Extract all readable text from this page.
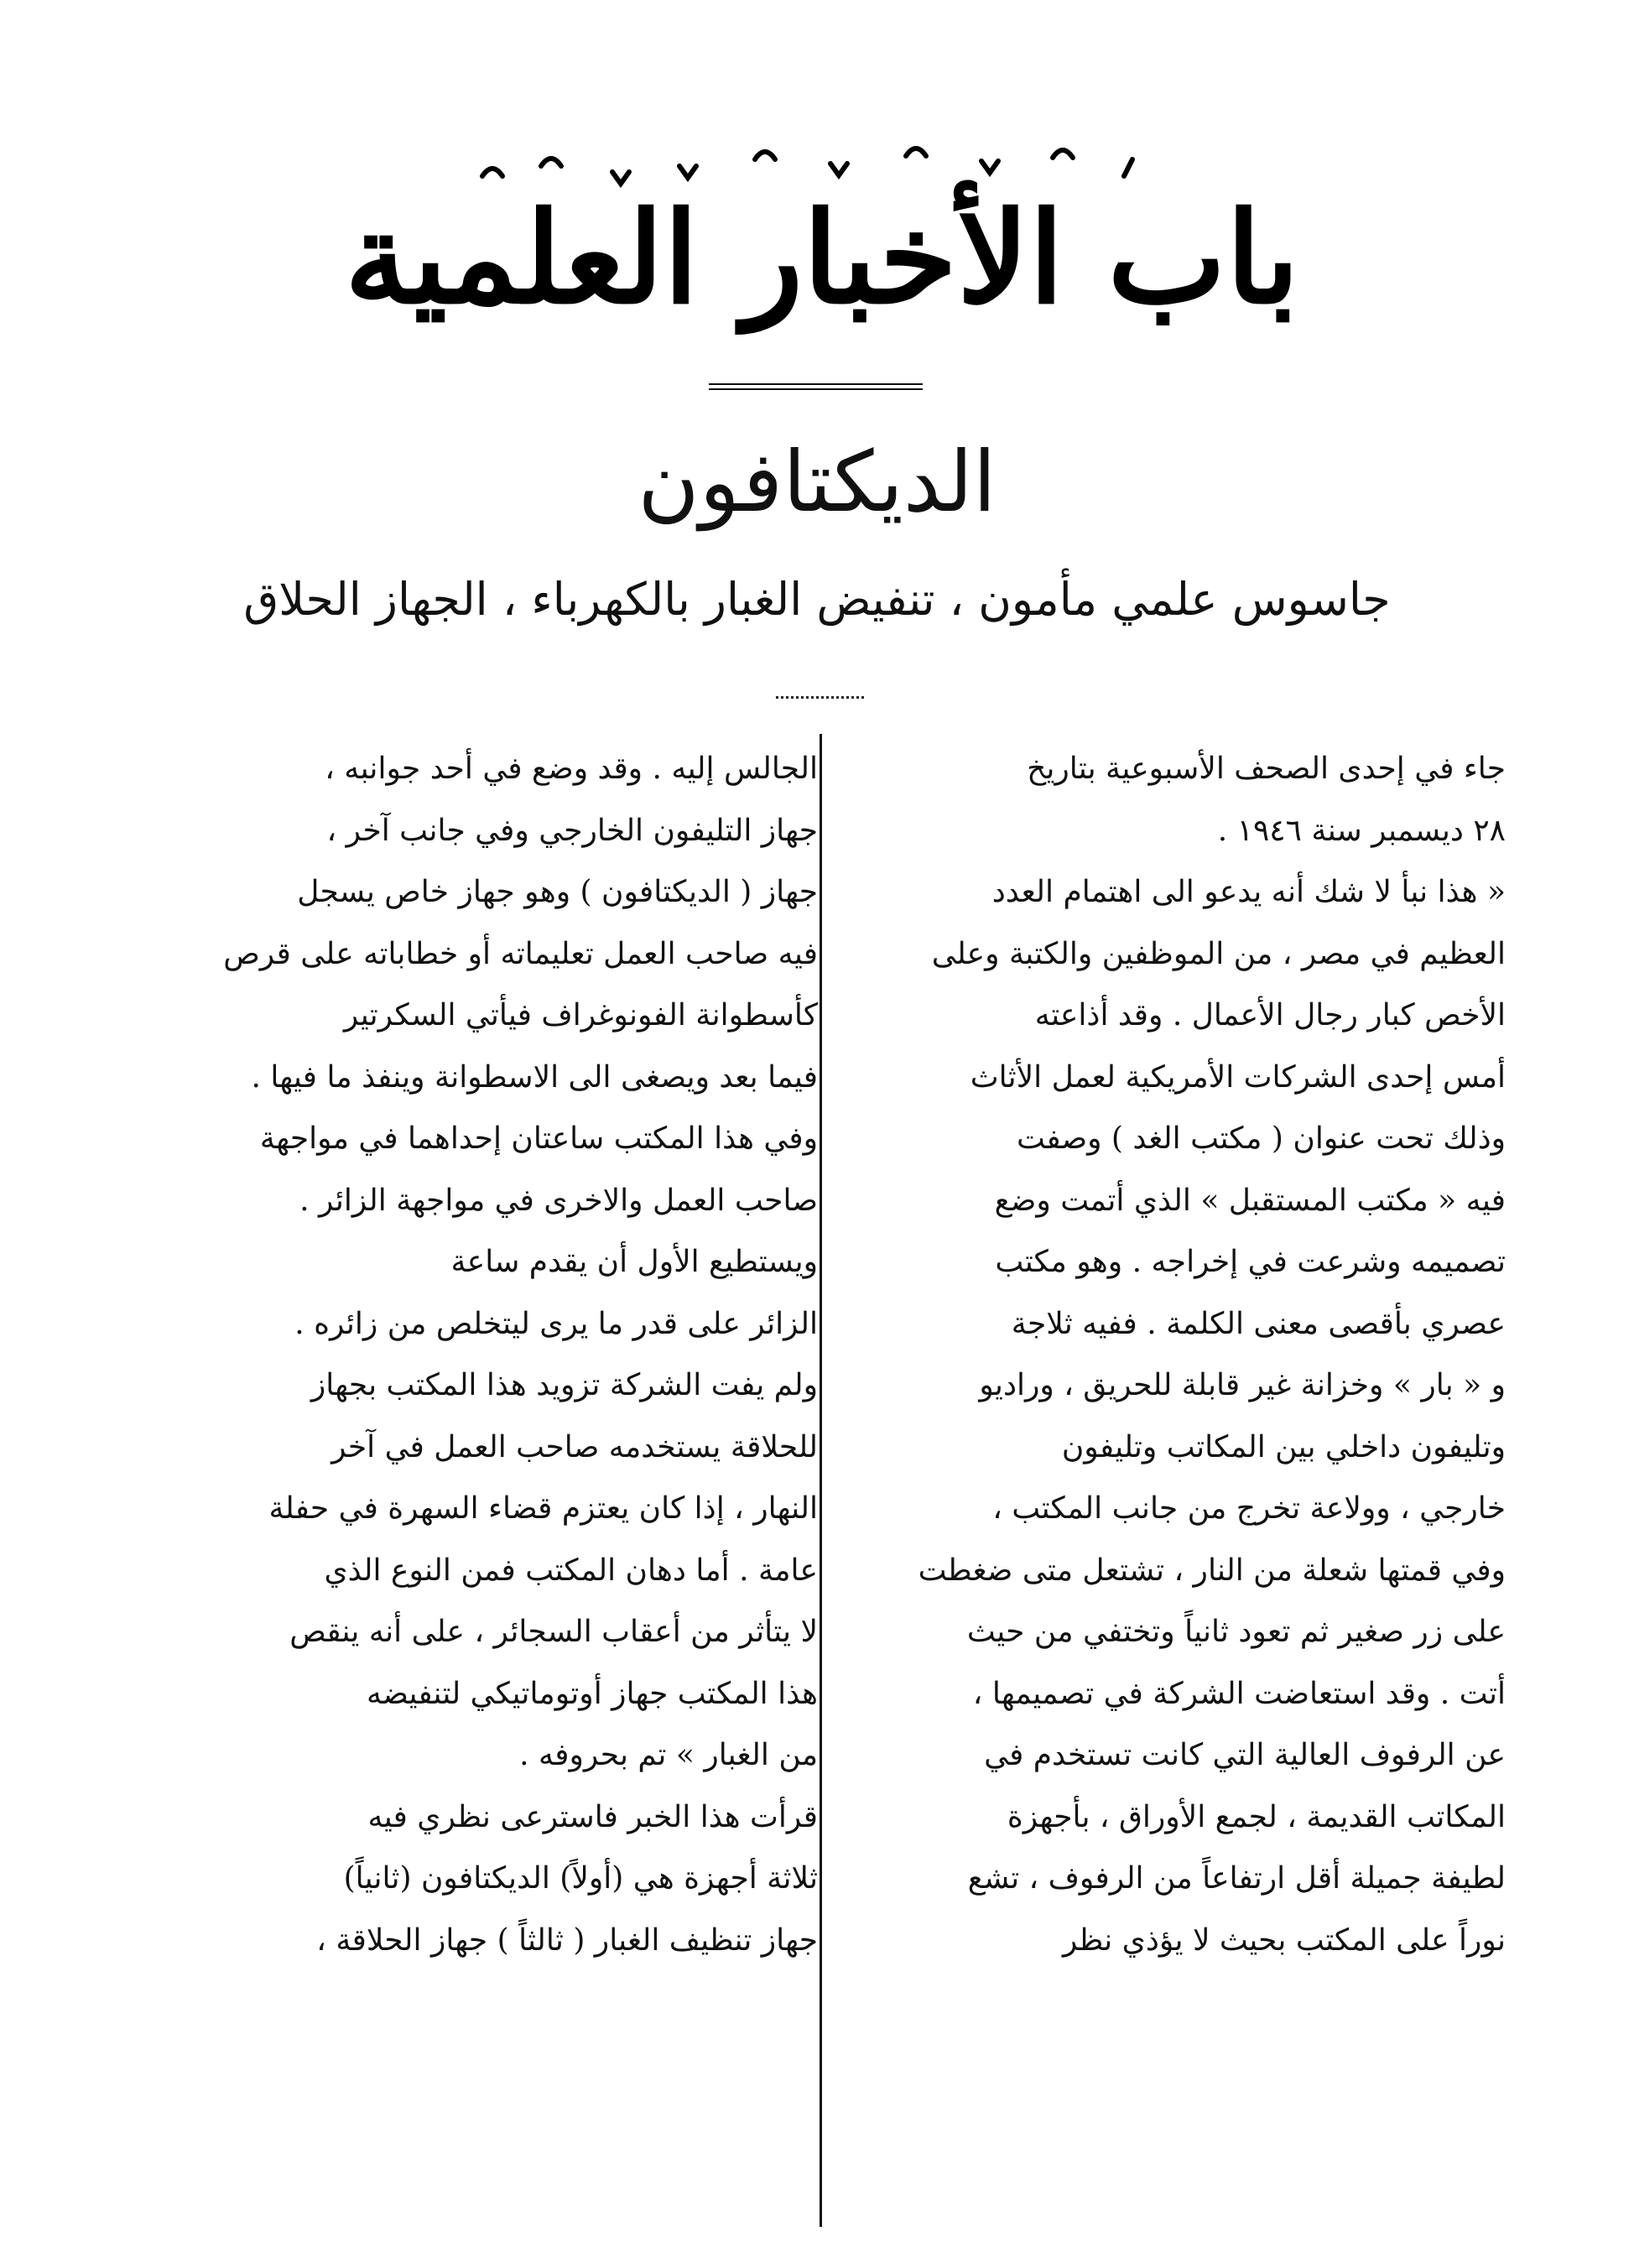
باب الأخبار العلمية
الديكتافون
جاسوس علمي مأمون ، تنفيض الغبار بالكهرباء ، الجهاز الحلاق
جاء في إحدى الصحف الأسبوعية بتاريخ
٢٨ ديسمبر سنة ١٩٤٦ .
« هذا نبأ لا شك أنه يدعو الى اهتمام العدد
العظيم في مصر ، من الموظفين والكتبة وعلى
الأخص كبار رجال الأعمال . وقد أذاعته
أمس إحدى الشركات الأمريكية لعمل الأثاث
وذلك تحت عنوان ( مكتب الغد ) وصفت
فيه « مكتب المستقبل » الذي أتمت وضع
تصميمه وشرعت في إخراجه . وهو مكتب
عصري بأقصى معنى الكلمة . ففيه ثلاجة
و « بار » وخزانة غير قابلة للحريق ، وراديو
وتليفون داخلي بين المكاتب وتليفون
خارجي ، وولاعة تخرج من جانب المكتب ،
وفي قمتها شعلة من النار ، تشتعل متى ضغطت
على زر صغير ثم تعود ثانياً وتختفي من حيث
أتت . وقد استعاضت الشركة في تصميمها ،
عن الرفوف العالية التي كانت تستخدم في
المكاتب القديمة ، لجمع الأوراق ، بأجهزة
لطيفة جميلة أقل ارتفاعاً من الرفوف ، تشع
نوراً على المكتب بحيث لا يؤذي نظر
الجالس إليه . وقد وضع في أحد جوانبه ،
جهاز التليفون الخارجي وفي جانب آخر ،
جهاز ( الديكتافون ) وهو جهاز خاص يسجل
فيه صاحب العمل تعليماته أو خطاباته على قرص
كأسطوانة الفونوغراف فيأتي السكرتير
فيما بعد ويصغى الى الاسطوانة وينفذ ما فيها .
وفي هذا المكتب ساعتان إحداهما في مواجهة
صاحب العمل والاخرى في مواجهة الزائر .
ويستطيع الأول أن يقدم ساعة
الزائر على قدر ما يرى ليتخلص من زائره .
ولم يفت الشركة تزويد هذا المكتب بجهاز
للحلاقة يستخدمه صاحب العمل في آخر
النهار ، إذا كان يعتزم قضاء السهرة في حفلة
عامة . أما دهان المكتب فمن النوع الذي
لا يتأثر من أعقاب السجائر ، على أنه ينقص
هذا المكتب جهاز أوتوماتيكي لتنفيضه
من الغبار » تم بحروفه .
قرأت هذا الخبر فاسترعى نظري فيه
ثلاثة أجهزة هي (أولاً) الديكتافون (ثانياً)
جهاز تنظيف الغبار ( ثالثاً ) جهاز الحلاقة ،
